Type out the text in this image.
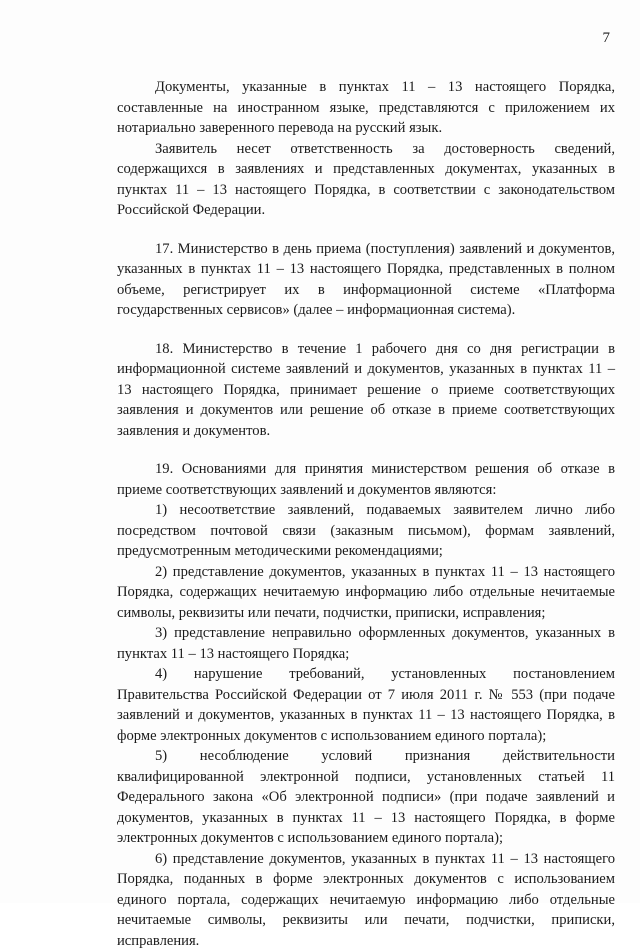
7

Документы, указанные в пунктах 11 – 13 настоящего Порядка, составленные на иностранном языке, представляются с приложением их нотариально заверенного перевода на русский язык.

Заявитель несет ответственность за достоверность сведений, содержащихся в заявлениях и представленных документах, указанных в пунктах 11 – 13 настоящего Порядка, в соответствии с законодательством Российской Федерации.

17. Министерство в день приема (поступления) заявлений и документов, указанных в пунктах 11 – 13 настоящего Порядка, представленных в полном объеме, регистрирует их в информационной системе «Платформа государственных сервисов» (далее – информационная система).

18. Министерство в течение 1 рабочего дня со дня регистрации в информационной системе заявлений и документов, указанных в пунктах 11 – 13 настоящего Порядка, принимает решение о приеме соответствующих заявления и документов или решение об отказе в приеме соответствующих заявления и документов.

19. Основаниями для принятия министерством решения об отказе в приеме соответствующих заявлений и документов являются:

1) несоответствие заявлений, подаваемых заявителем лично либо посредством почтовой связи (заказным письмом), формам заявлений, предусмотренным методическими рекомендациями;

2) представление документов, указанных в пунктах 11 – 13 настоящего Порядка, содержащих нечитаемую информацию либо отдельные нечитаемые символы, реквизиты или печати, подчистки, приписки, исправления;

3) представление неправильно оформленных документов, указанных в пунктах 11 – 13 настоящего Порядка;

4) нарушение требований, установленных постановлением Правительства Российской Федерации от 7 июля 2011 г. № 553 (при подаче заявлений и документов, указанных в пунктах 11 – 13 настоящего Порядка, в форме электронных документов с использованием единого портала);

5) несоблюдение условий признания действительности квалифицированной электронной подписи, установленных статьей 11 Федерального закона «Об электронной подписи» (при подаче заявлений и документов, указанных в пунктах 11 – 13 настоящего Порядка, в форме электронных документов с использованием единого портала);

6) представление документов, указанных в пунктах 11 – 13 настоящего Порядка, поданных в форме электронных документов с использованием единого портала, содержащих нечитаемую информацию либо отдельные нечитаемые символы, реквизиты или печати, подчистки, приписки, исправления.
